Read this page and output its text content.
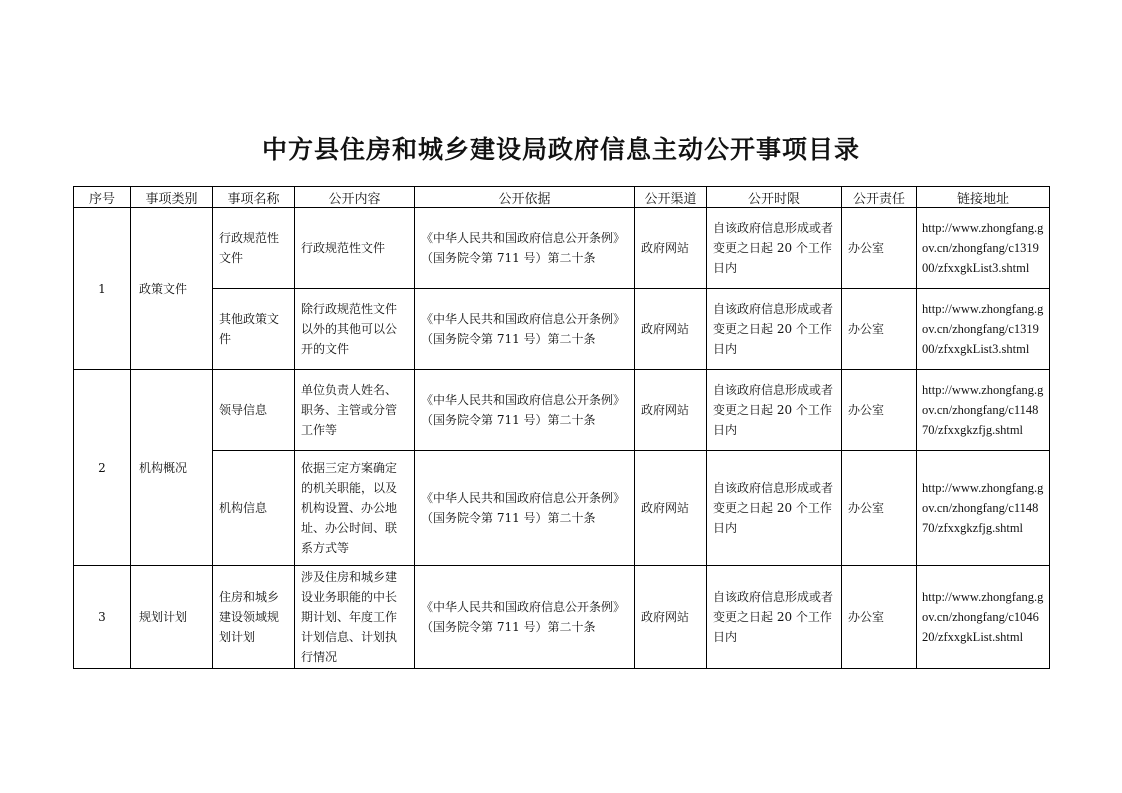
中方县住房和城乡建设局政府信息主动公开事项目录
序号	事项类别	事项名称	公开内容	公开依据	公开渠道	公开时限	公开责任	链接地址
1	政策文件	行政规范性文件	行政规范性文件	《中华人民共和国政府信息公开条例》（国务院令第 711 号）第二十条	政府网站	自该政府信息形成或者变更之日起 20 个工作日内	办公室	http://www.zhongfang.gov.cn/zhongfang/c131900/zfxxgkList3.shtml
		其他政策文件	除行政规范性文件以外的其他可以公开的文件	《中华人民共和国政府信息公开条例》（国务院令第 711 号）第二十条	政府网站	自该政府信息形成或者变更之日起 20 个工作日内	办公室	http://www.zhongfang.gov.cn/zhongfang/c131900/zfxxgkList3.shtml
2	机构概况	领导信息	单位负责人姓名、职务、主管或分管工作等	《中华人民共和国政府信息公开条例》（国务院令第 711 号）第二十条	政府网站	自该政府信息形成或者变更之日起 20 个工作日内	办公室	http://www.zhongfang.gov.cn/zhongfang/c114870/zfxxgkzfjg.shtml
		机构信息	依据三定方案确定的机关职能，以及机构设置、办公地址、办公时间、联系方式等	《中华人民共和国政府信息公开条例》（国务院令第 711 号）第二十条	政府网站	自该政府信息形成或者变更之日起 20 个工作日内	办公室	http://www.zhongfang.gov.cn/zhongfang/c114870/zfxxgkzfjg.shtml
3	规划计划	住房和城乡建设领域规划计划	涉及住房和城乡建设业务职能的中长期计划、年度工作计划信息、计划执行情况	《中华人民共和国政府信息公开条例》（国务院令第 711 号）第二十条	政府网站	自该政府信息形成或者变更之日起 20 个工作日内	办公室	http://www.zhongfang.gov.cn/zhongfang/c104620/zfxxgkList.shtml
